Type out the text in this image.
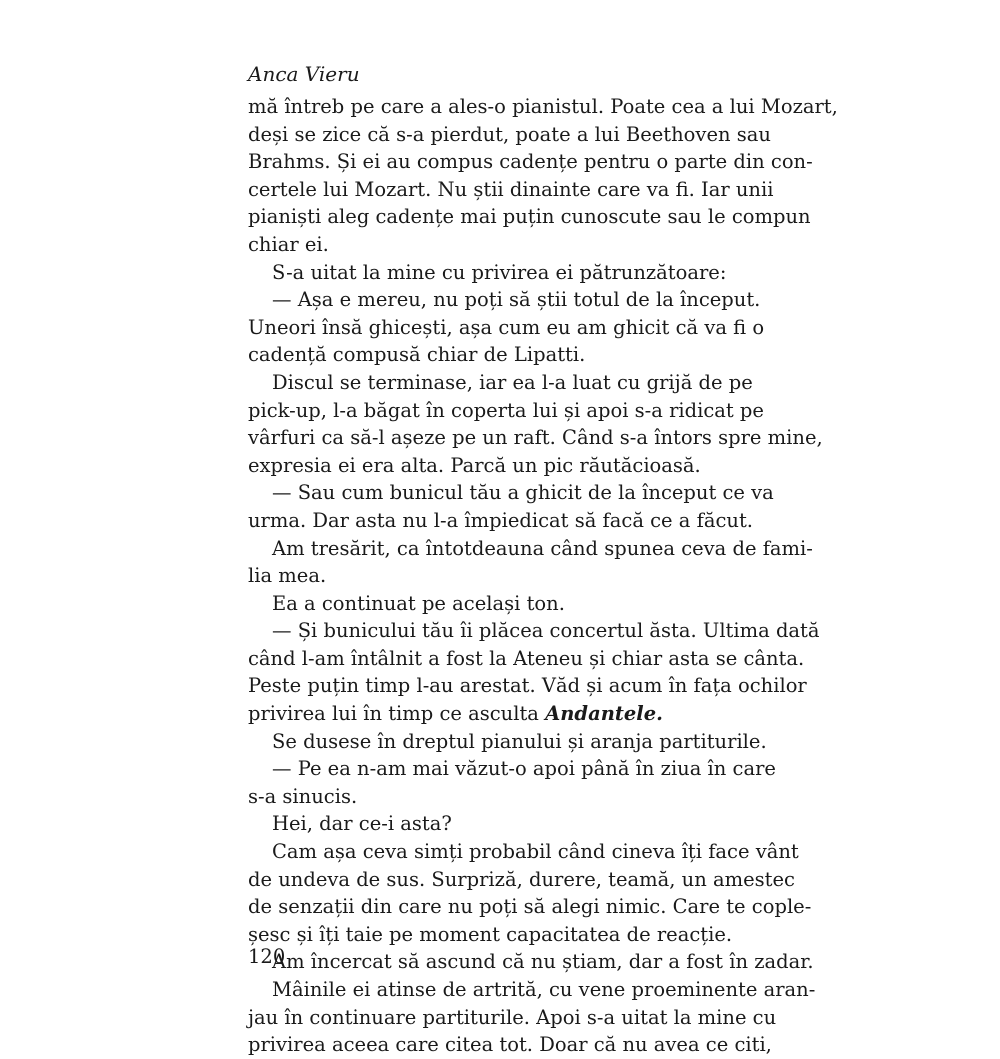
Anca Vieru
mă întreb pe care a ales-o pianistul. Poate cea a lui Mozart,
deși se zice că s-a pierdut, poate a lui Beethoven sau
Brahms. Și ei au compus cadențe pentru o parte din con-
certele lui Mozart. Nu știi dinainte care va fi. Iar unii
pianiști aleg cadențe mai puțin cunoscute sau le compun
chiar ei.
S-a uitat la mine cu privirea ei pătrunzătoare:
— Așa e mereu, nu poți să știi totul de la început.
Uneori însă ghicești, așa cum eu am ghicit că va fi o
cadență compusă chiar de Lipatti.
Discul se terminase, iar ea l-a luat cu grijă de pe
pick-up, l-a băgat în coperta lui și apoi s-a ridicat pe
vârfuri ca să-l așeze pe un raft. Când s-a întors spre mine,
expresia ei era alta. Parcă un pic răutăcioasă.
— Sau cum bunicul tău a ghicit de la început ce va
urma. Dar asta nu l-a împiedicat să facă ce a făcut.
Am tresărit, ca întotdeauna când spunea ceva de fami-
lia mea.
Ea a continuat pe același ton.
— Și bunicului tău îi plăcea concertul ăsta. Ultima dată
când l-am întâlnit a fost la Ateneu și chiar asta se cânta.
Peste puțin timp l-au arestat. Văd și acum în fața ochilor
privirea lui în timp ce asculta Andantele.
Se dusese în dreptul pianului și aranja partiturile.
— Pe ea n-am mai văzut-o apoi până în ziua în care
s-a sinucis.
Hei, dar ce-i asta?
Cam așa ceva simți probabil când cineva îți face vânt
de undeva de sus. Surpriză, durere, teamă, un amestec
de senzații din care nu poți să alegi nimic. Care te cople-
șesc și îți taie pe moment capacitatea de reacție.
Am încercat să ascund că nu știam, dar a fost în zadar.
Mâinile ei atinse de artrită, cu vene proeminente aran-
jau în continuare partiturile. Apoi s-a uitat la mine cu
privirea aceea care citea tot. Doar că nu avea ce citi,
120
